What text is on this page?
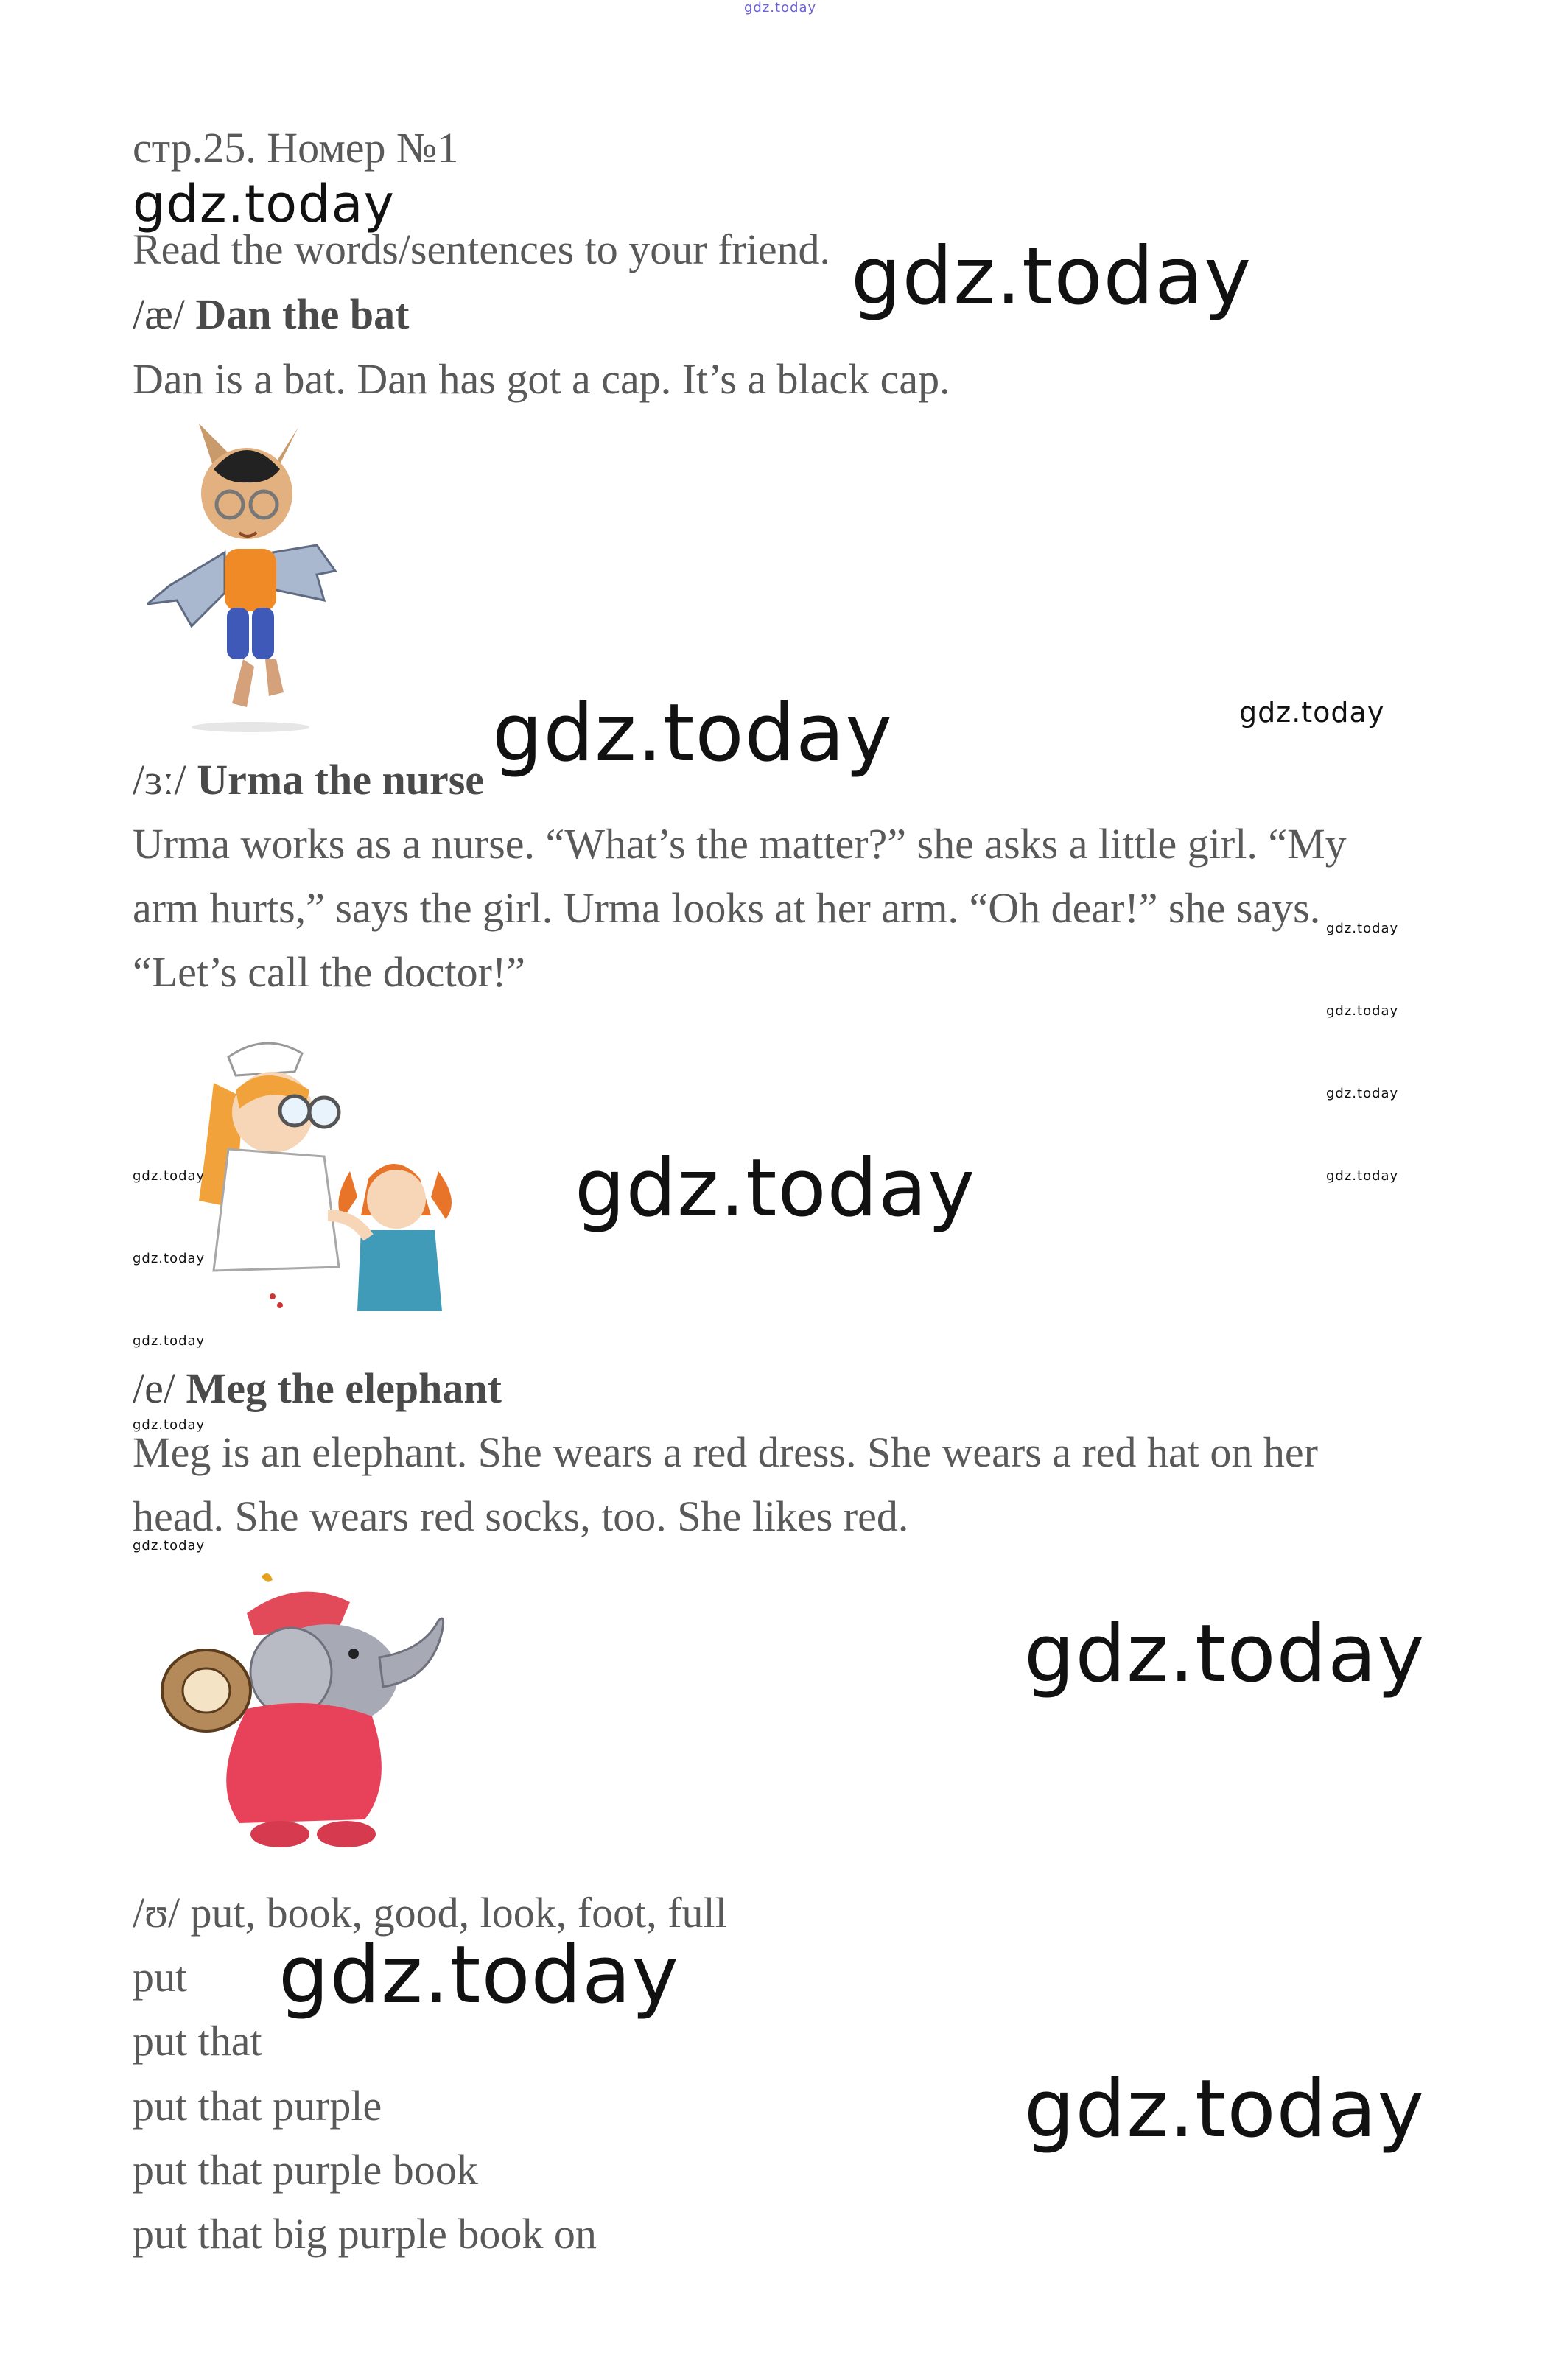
gdz.today
стр.25. Номер №1
gdz.today
Read the words/sentences to your friend. gdz.today
/æ/ Dan the bat
Dan is a bat. Dan has got a cap. It’s a black cap.
gdz.today	gdz.today
/ɜː/ Urma the nurse
Urma works as a nurse. “What’s the matter?” she asks a little girl. “My
arm hurts,” says the girl. Urma looks at her arm. “Oh dear!” she says.
“Let’s call the doctor!”
gdz.today
gdz.today
gdz.today
gdz.today
gdz.today
gdz.today
gdz.today
gdz.today
/e/ Meg the elephant
gdz.today
Meg is an elephant. She wears a red dress. She wears a red hat on her
head. She wears red socks, too. She likes red.
gdz.today
gdz.today
/ʊ/ put, book, good, look, foot, full
put gdz.today
put that
put that purple	gdz.today
put that purple book
put that big purple book on
